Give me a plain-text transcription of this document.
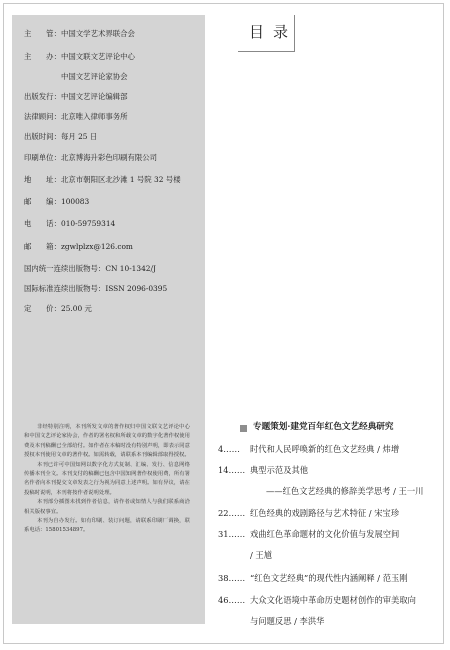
主　　管：中国文学艺术界联合会
主　　办：中国文联文艺评论中心
中国文艺评论家协会
出版发行：中国文艺评论编辑部
法律顾问：北京唯入律师事务所
出版时间：每月 25 日
印刷单位：北京博海升彩色印刷有限公司
地　　址：北京市朝阳区北沙滩 1 号院 32 号楼
邮　　编：100083
电　　话：010-59759314
邮　　箱：zgwlplzx@126.com
国内统一连续出版物号：CN 10-1342/J
国际标准连续出版物号：ISSN 2096-0395
定　　价：25.00 元

非经特别注明，本刊所发文章的著作权归中国文联文艺评论中心和中国文艺评论家协会，作者的署名权和所载文章的数字化著作权使用费及本刊稿酬已全部给付。如作者在本稿时没有特别声明，即表示同意授权本刊使用文章的著作权。如需转载，请联系本刊编辑部取得授权。

本刊已许可中国知网以数字化方式复制、汇编、发行、信息网络传播本刊全文。本刊支付的稿酬已包含中国知网著作权使用费，所有署名作者向本刊提交文章发表之行为视为同意上述声明。如有异议，请在投稿时说明，本刊将按作者说明处理。

本刊部分插图未找到作者信息，请作者或知情人与我们联系商洽相关版权事宜。

本刊为自办发行。如有印刷、装订问题，请联系印刷厂调换，联系电话：15801534897。

目录
专题策划·建党百年红色文艺经典研究
4…… 时代和人民呼唤新的红色文艺经典 / 炜增
14…… 典型示范及其他
——红色文艺经典的修辞美学思考 / 王一川
22…… 红色经典的戏剧路径与艺术特征 / 宋宝珍
31…… 戏曲红色革命题材的文化价值与发展空间
/ 王馗
38…… “红色文艺经典”的现代性内涵阐释 / 范玉刚
46…… 大众文化语境中革命历史题材创作的审美取向
与问题反思 / 李洪华
